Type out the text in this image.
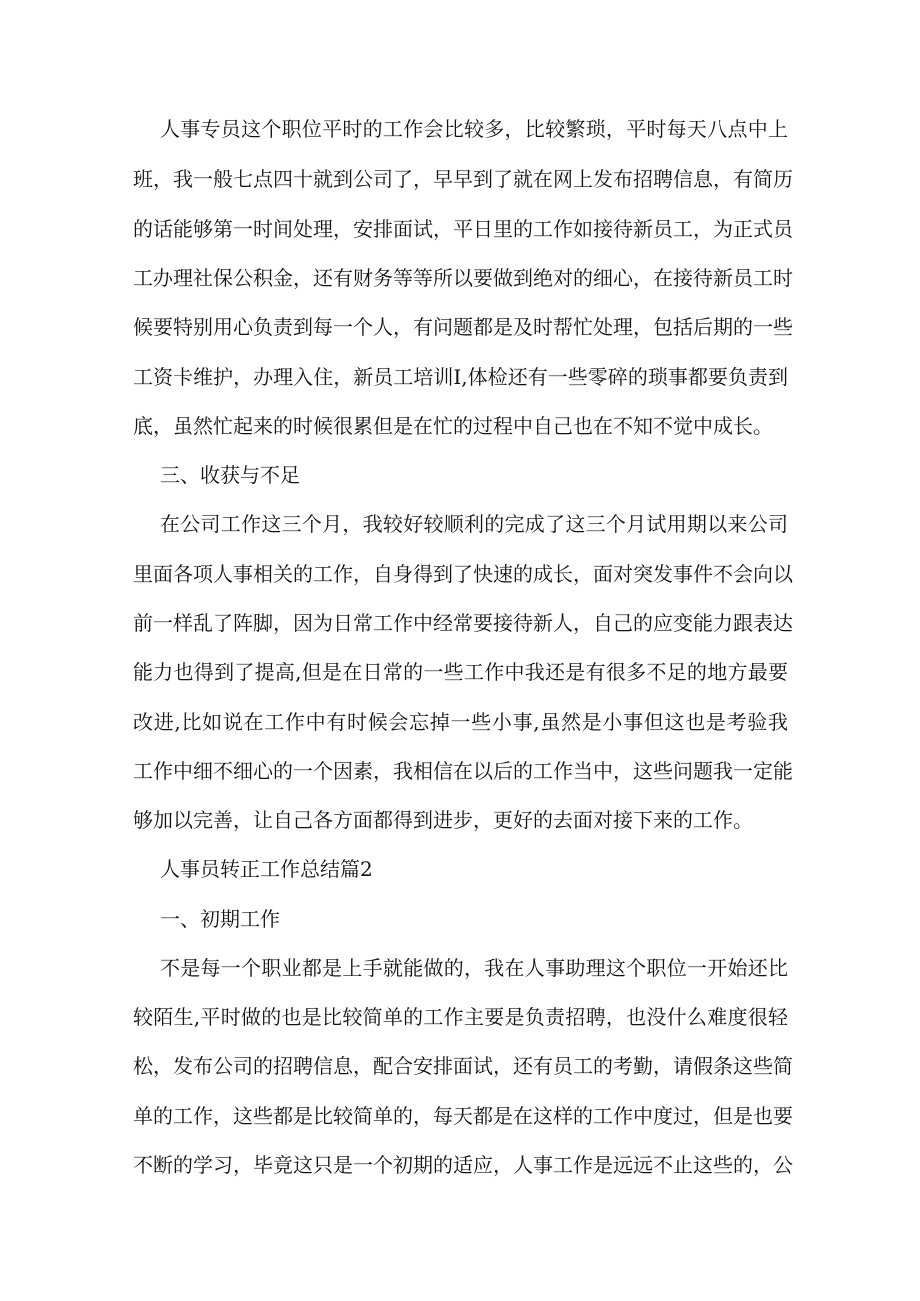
人事专员这个职位平时的工作会比较多，比较繁琐，平时每天八点中上
班，我一般七点四十就到公司了，早早到了就在网上发布招聘信息，有简历
的话能够第一时间处理，安排面试，平日里的工作如接待新员工，为正式员
工办理社保公积金，还有财务等等所以要做到绝对的细心，在接待新员工时
候要特别用心负责到每一个人，有问题都是及时帮忙处理，包括后期的一些
工资卡维护，办理入住，新员工培训I,体检还有一些零碎的琐事都要负责到
底，虽然忙起来的时候很累但是在忙的过程中自己也在不知不觉中成长。
三、收获与不足
在公司工作这三个月，我较好较顺利的完成了这三个月试用期以来公司
里面各项人事相关的工作，自身得到了快速的成长，面对突发事件不会向以
前一样乱了阵脚，因为日常工作中经常要接待新人，自己的应变能力跟表达
能力也得到了提高,但是在日常的一些工作中我还是有很多不足的地方最要
改进,比如说在工作中有时候会忘掉一些小事,虽然是小事但这也是考验我
工作中细不细心的一个因素，我相信在以后的工作当中，这些问题我一定能
够加以完善，让自己各方面都得到进步，更好的去面对接下来的工作。
人事员转正工作总结篇2
一、初期工作
不是每一个职业都是上手就能做的，我在人事助理这个职位一开始还比
较陌生,平时做的也是比较简单的工作主要是负责招聘，也没什么难度很轻
松，发布公司的招聘信息，配合安排面试，还有员工的考勤，请假条这些简
单的工作，这些都是比较简单的，每天都是在这样的工作中度过，但是也要
不断的学习，毕竟这只是一个初期的适应，人事工作是远远不止这些的，公
